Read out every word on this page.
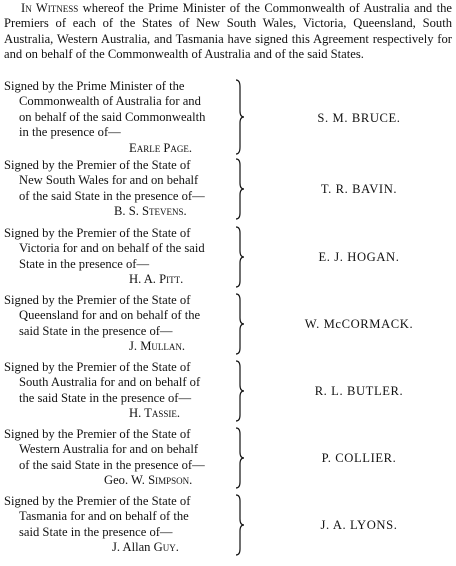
In Witness whereof the Prime Minister of the Commonwealth of Australia and the Premiers of each of the States of New South Wales, Victoria, Queensland, South Australia, Western Australia, and Tasmania have signed this Agreement respectively for and on behalf of the Commonwealth of Australia and of the said States.

Signed by the Prime Minister of the
Commonwealth of Australia for and
on behalf of the said Commonwealth
in the presence of—
Earle Page.
S. M. BRUCE.
Signed by the Premier of the State of
New South Wales for and on behalf
of the said State in the presence of—
B. S. Stevens.
T. R. BAVIN.
Signed by the Premier of the State of
Victoria for and on behalf of the said
State in the presence of—
H. A. Pitt.
E. J. HOGAN.
Signed by the Premier of the State of
Queensland for and on behalf of the
said State in the presence of—
J. Mullan.
W. McCORMACK.
Signed by the Premier of the State of
South Australia for and on behalf of
the said State in the presence of—
H. Tassie.
R. L. BUTLER.
Signed by the Premier of the State of
Western Australia for and on behalf
of the said State in the presence of—
Geo. W. Simpson.
P. COLLIER.
Signed by the Premier of the State of
Tasmania for and on behalf of the
said State in the presence of—
J. Allan Guy.
J. A. LYONS.
